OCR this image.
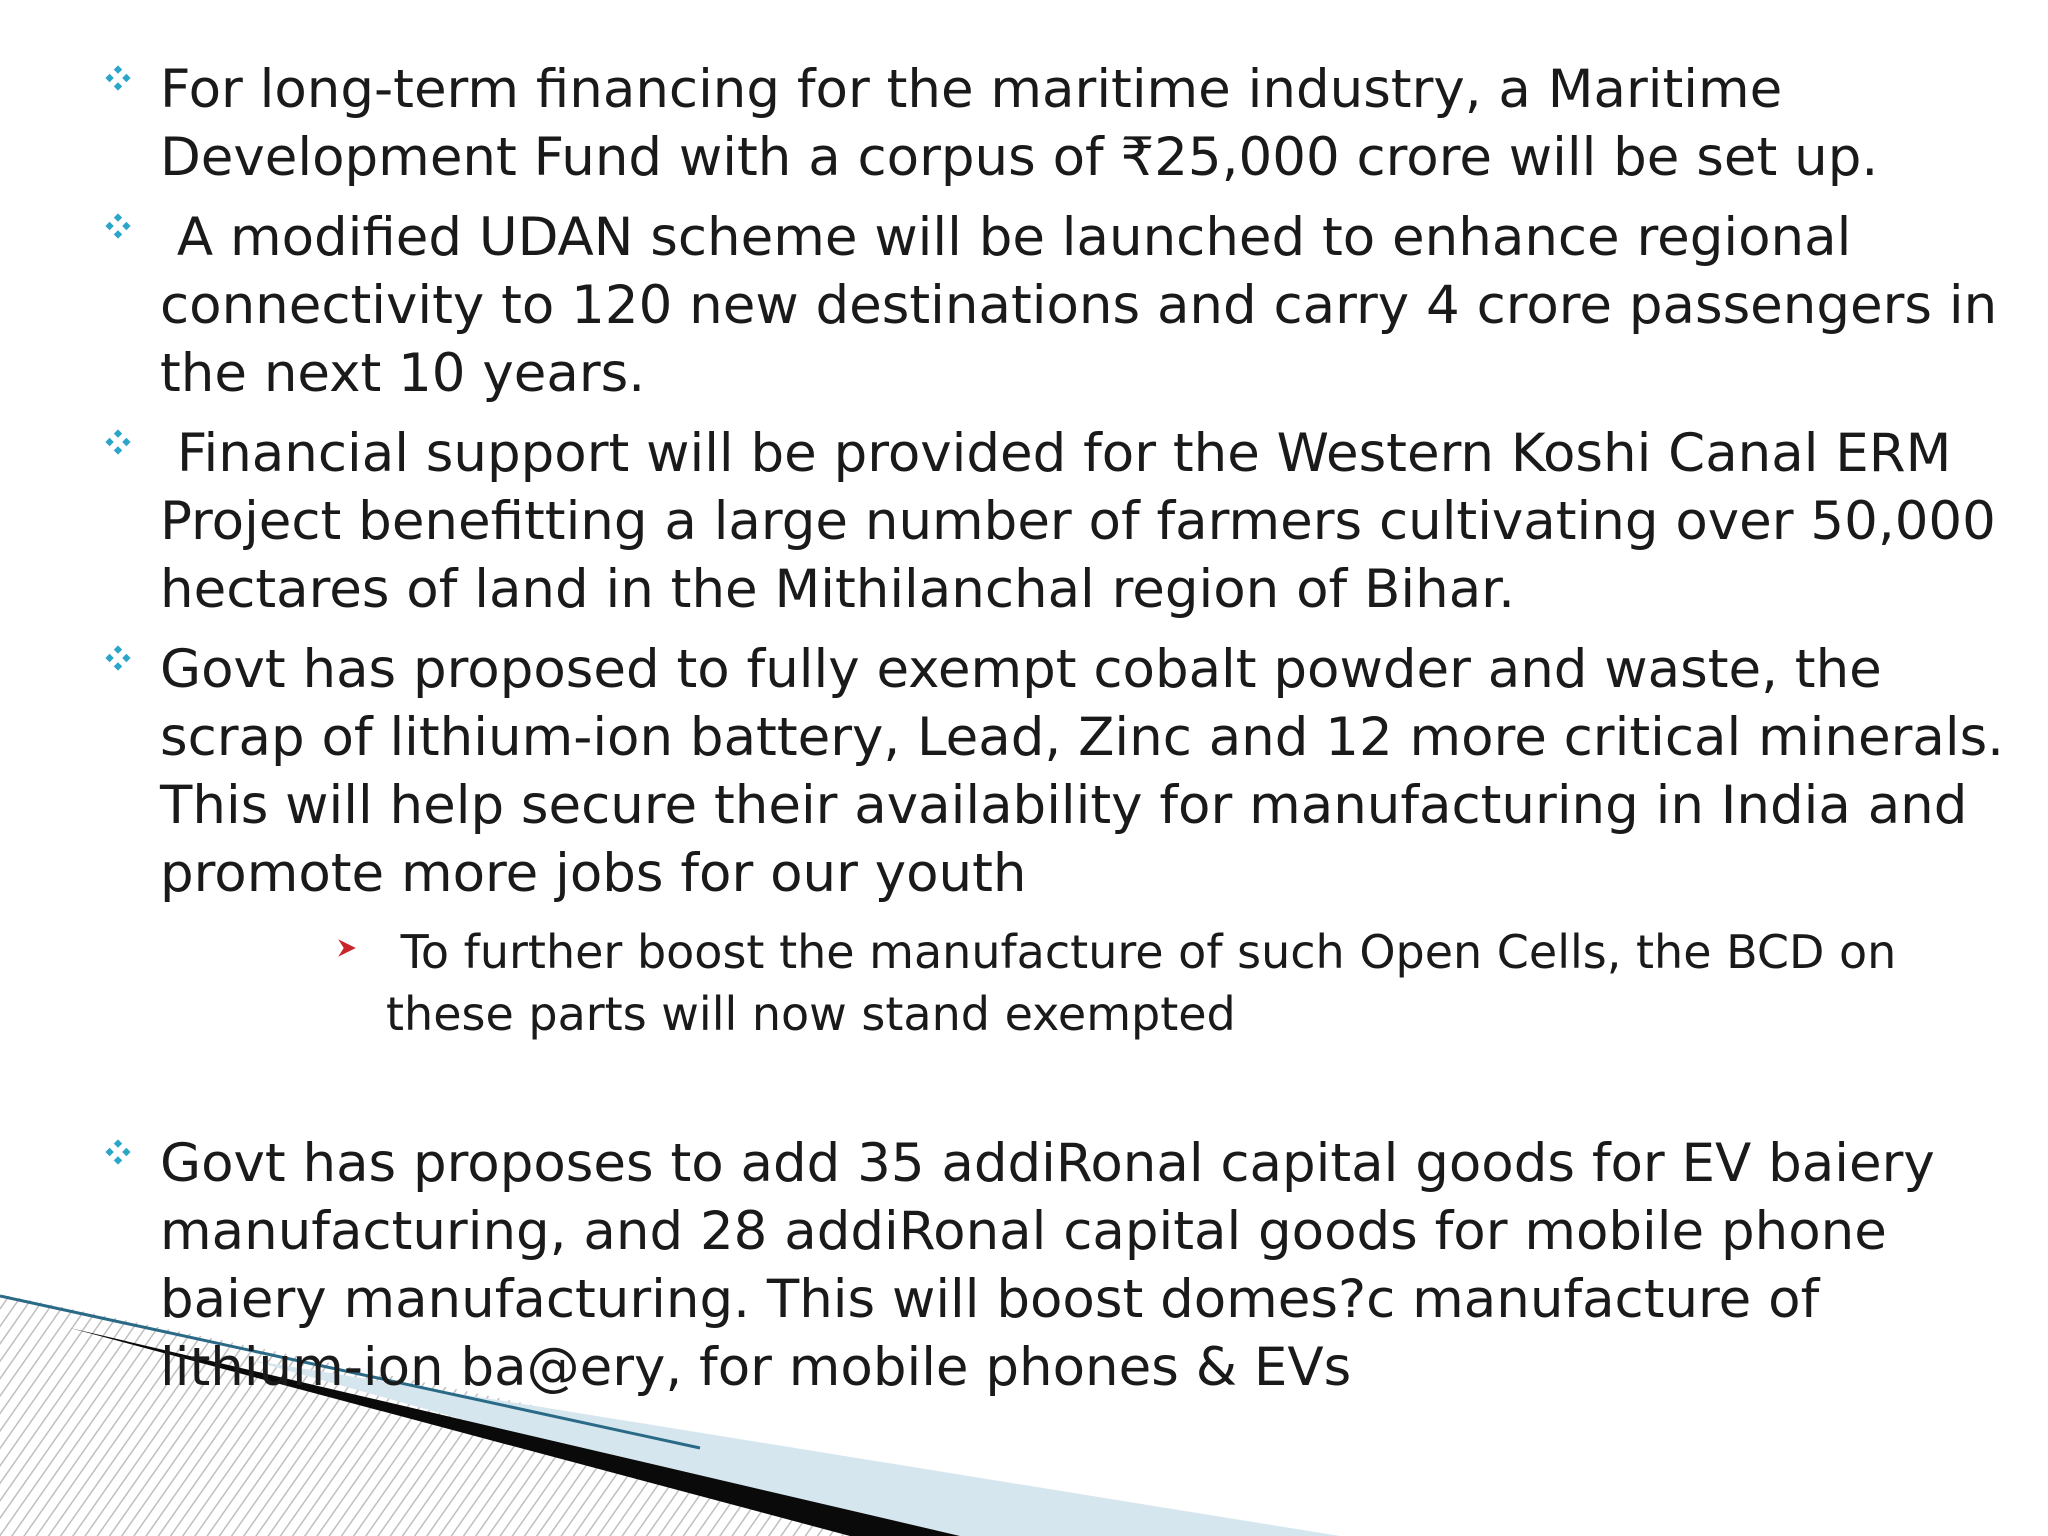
For long-term financing for the maritime industry, a Maritime Development Fund with a corpus of ₹25,000 crore will be set up.
A modified UDAN scheme will be launched to enhance regional connectivity to 120 new destinations and carry 4 crore passengers in the next 10 years.
Financial support will be provided for the Western Koshi Canal ERM Project benefitting a large number of farmers cultivating over 50,000 hectares of land in the Mithilanchal region of Bihar.
Govt has proposed to fully exempt cobalt powder and waste, the scrap of lithium-ion battery, Lead, Zinc and 12 more critical minerals. This will help secure their availability for manufacturing in India and promote more jobs for our youth
To further boost the manufacture of such Open Cells, the BCD on these parts will now stand exempted
Govt has proposes to add 35 addiRonal capital goods for EV baiery manufacturing, and 28 addiRonal capital goods for mobile phone baiery manufacturing. This will boost domes?c manufacture of lithium-ion ba@ery, for mobile phones & EVs
